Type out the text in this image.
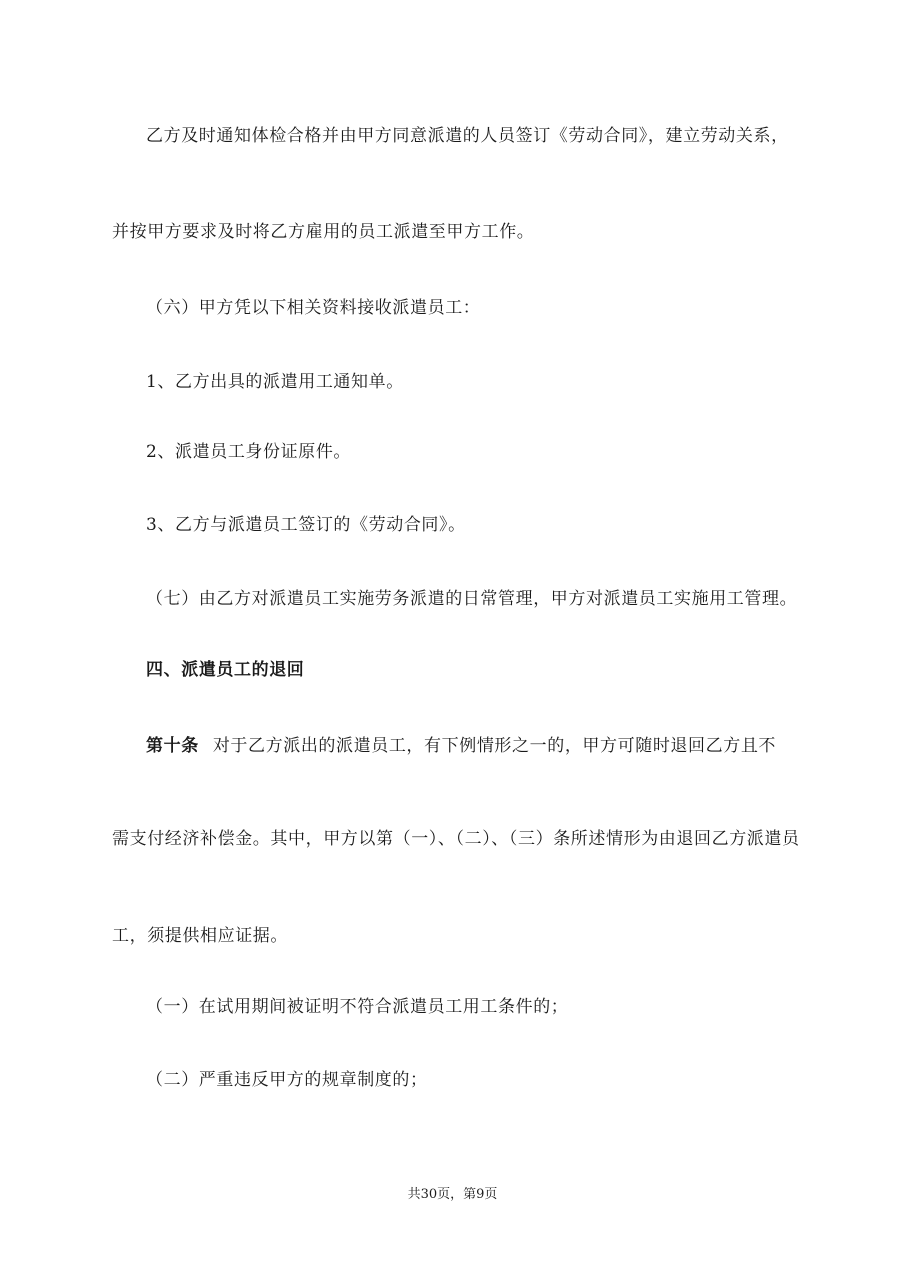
乙方及时通知体检合格并由甲方同意派遣的人员签订《劳动合同》，建立劳动关系，
并按甲方要求及时将乙方雇用的员工派遣至甲方工作。
（六）甲方凭以下相关资料接收派遣员工：
1、乙方出具的派遣用工通知单。
2、派遣员工身份证原件。
3、乙方与派遣员工签订的《劳动合同》。
（七）由乙方对派遣员工实施劳务派遣的日常管理，甲方对派遣员工实施用工管理。
四、派遣员工的退回
第十条 对于乙方派出的派遣员工，有下例情形之一的，甲方可随时退回乙方且不
需支付经济补偿金。其中，甲方以第（一）、（二）、（三）条所述情形为由退回乙方派遣员
工，须提供相应证据。
（一）在试用期间被证明不符合派遣员工用工条件的；
（二）严重违反甲方的规章制度的；
共30页，第9页
